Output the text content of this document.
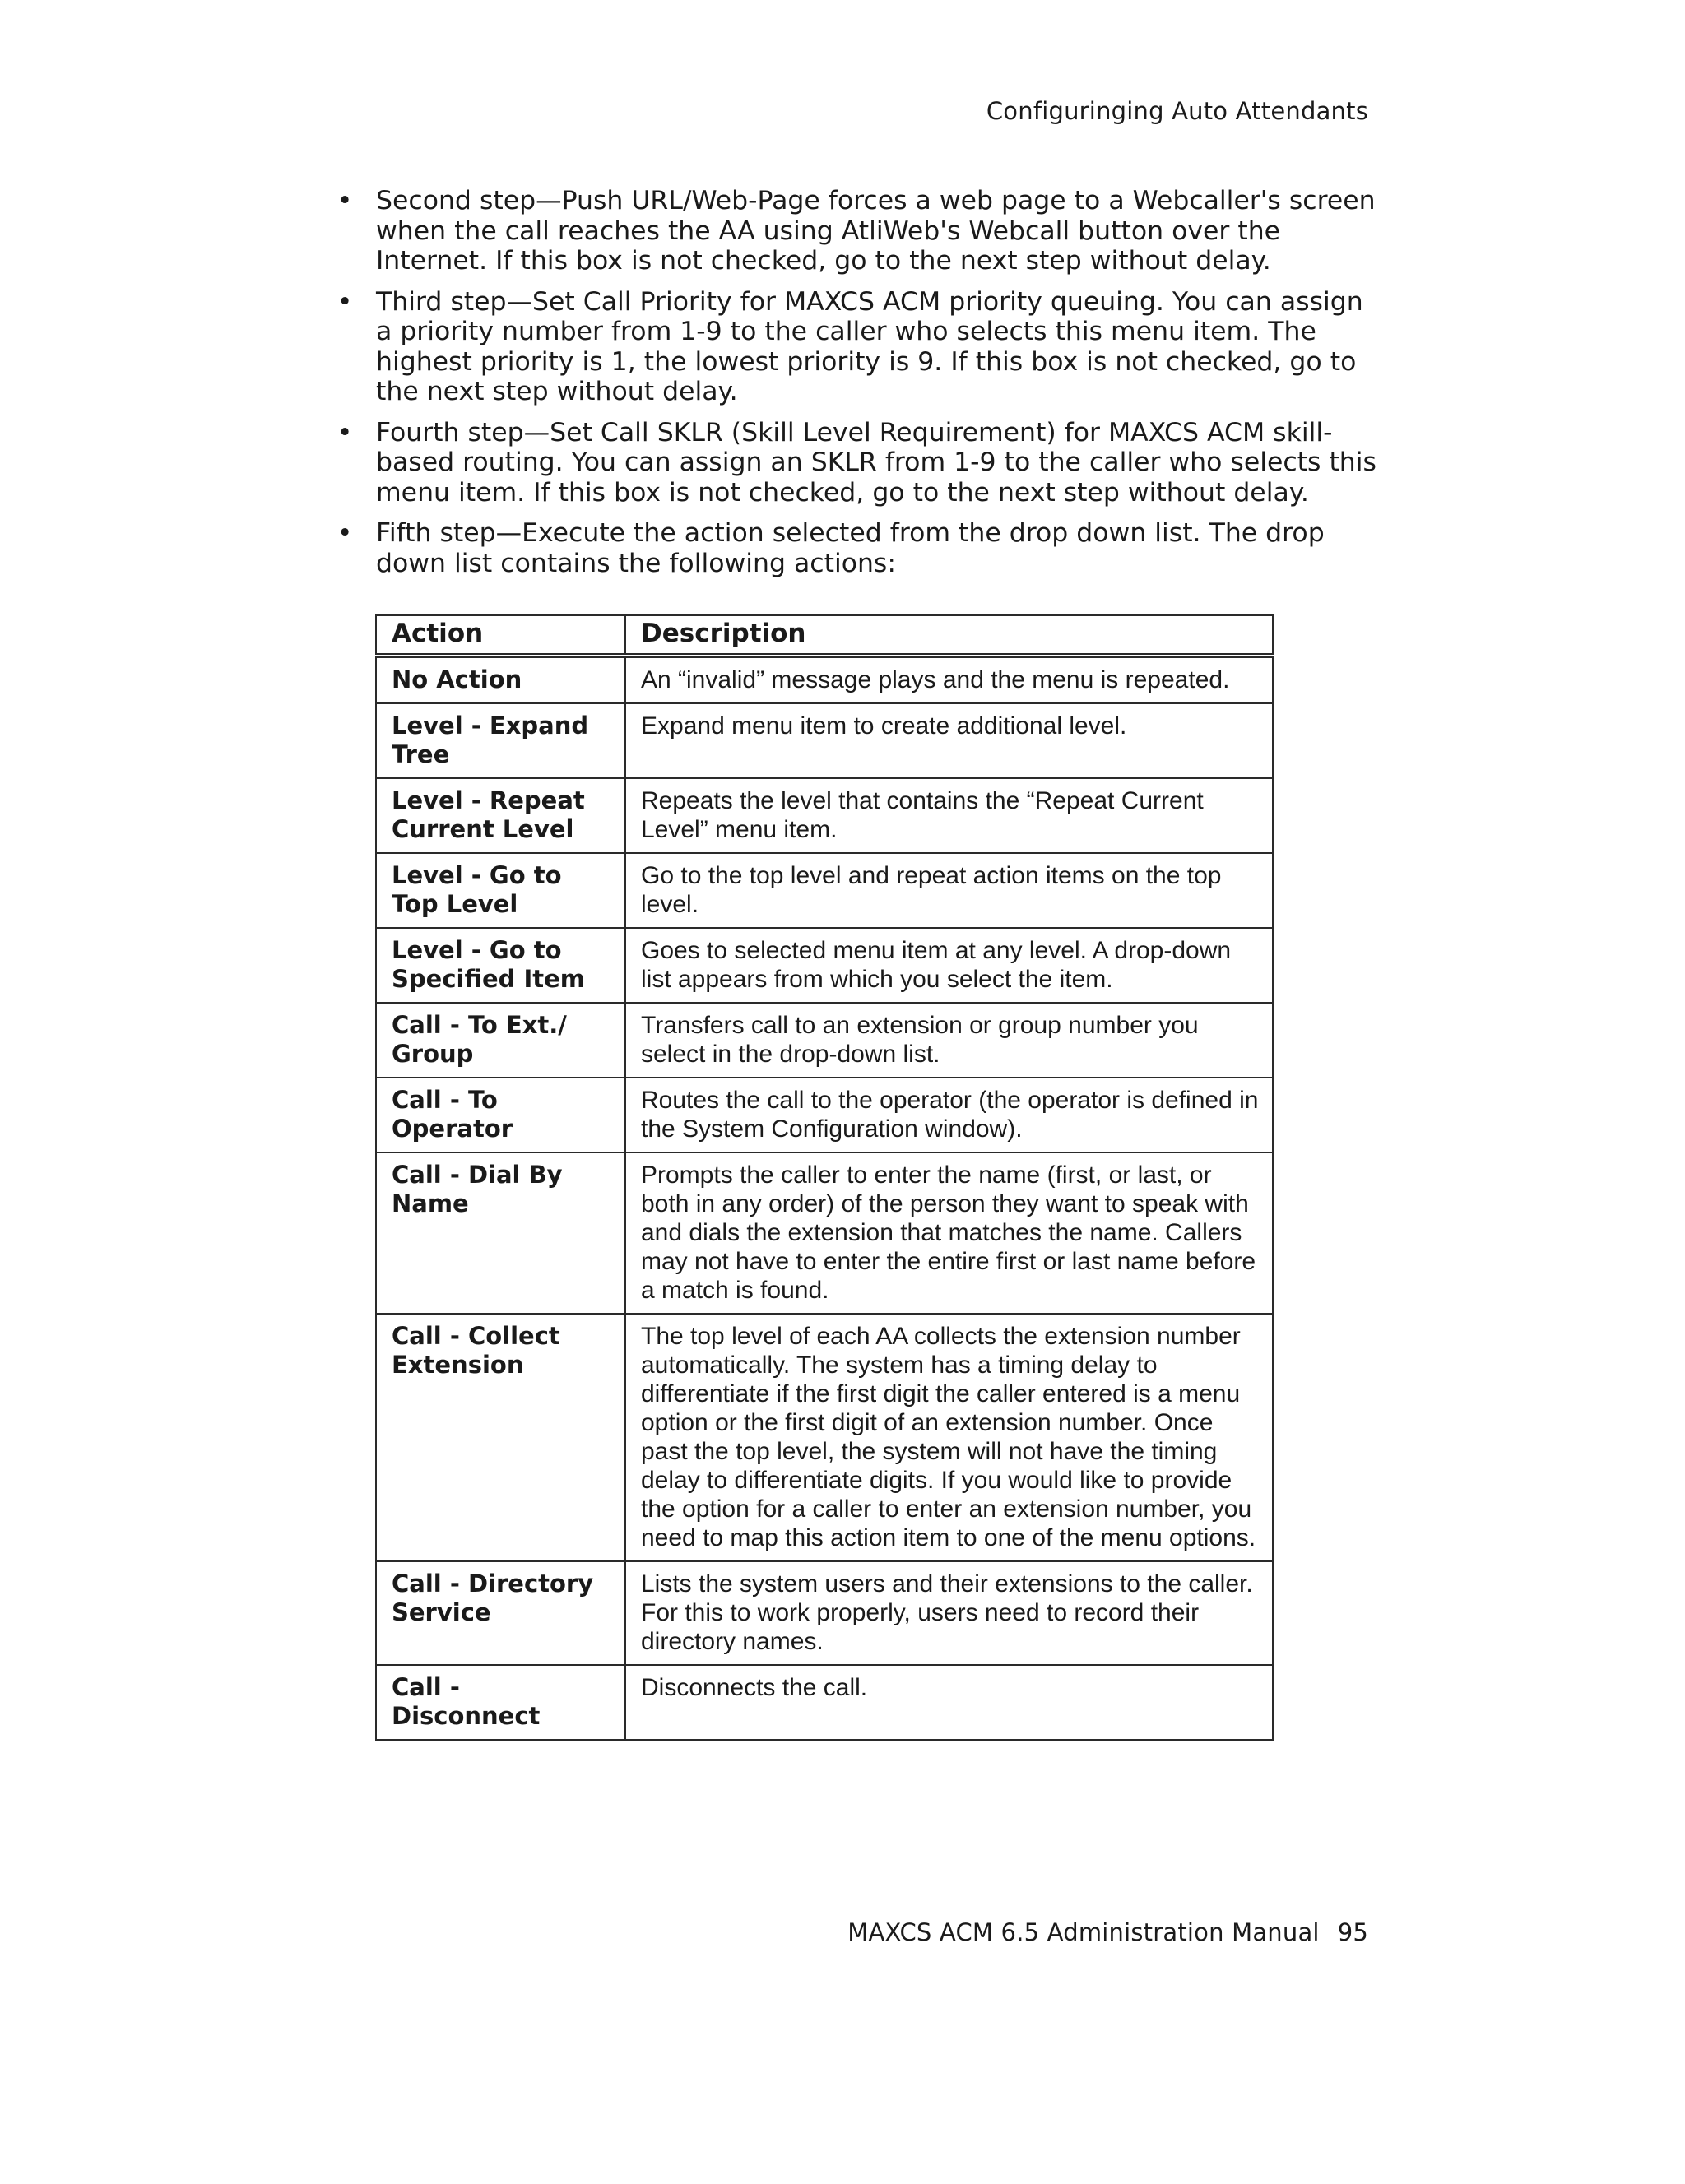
Configuringing Auto Attendants
• Second step—Push URL/Web-Page forces a web page to a Webcaller's screen when the call reaches the AA using AtliWeb's Webcall button over the Internet. If this box is not checked, go to the next step without delay.
• Third step—Set Call Priority for MAXCS ACM priority queuing. You can assign a priority number from 1-9 to the caller who selects this menu item. The highest priority is 1, the lowest priority is 9. If this box is not checked, go to the next step without delay.
• Fourth step—Set Call SKLR (Skill Level Requirement) for MAXCS ACM skill-based routing. You can assign an SKLR from 1-9 to the caller who selects this menu item. If this box is not checked, go to the next step without delay.
• Fifth step—Execute the action selected from the drop down list. The drop down list contains the following actions:
Action	Description
No Action	An “invalid” message plays and the menu is repeated.
Level - Expand Tree	Expand menu item to create additional level.
Level - Repeat Current Level	Repeats the level that contains the “Repeat Current Level” menu item.
Level - Go to Top Level	Go to the top level and repeat action items on the top level.
Level - Go to Specified Item	Goes to selected menu item at any level. A drop-down list appears from which you select the item.
Call - To Ext./ Group	Transfers call to an extension or group number you select in the drop-down list.
Call - To Operator	Routes the call to the operator (the operator is defined in the System Configuration window).
Call - Dial By Name	Prompts the caller to enter the name (first, or last, or both in any order) of the person they want to speak with and dials the extension that matches the name. Callers may not have to enter the entire first or last name before a match is found.
Call - Collect Extension	The top level of each AA collects the extension number automatically. The system has a timing delay to differentiate if the first digit the caller entered is a menu option or the first digit of an extension number. Once past the top level, the system will not have the timing delay to differentiate digits. If you would like to provide the option for a caller to enter an extension number, you need to map this action item to one of the menu options.
Call - Directory Service	Lists the system users and their extensions to the caller. For this to work properly, users need to record their directory names.
Call - Disconnect	Disconnects the call.
MAXCS ACM 6.5 Administration Manual 95
